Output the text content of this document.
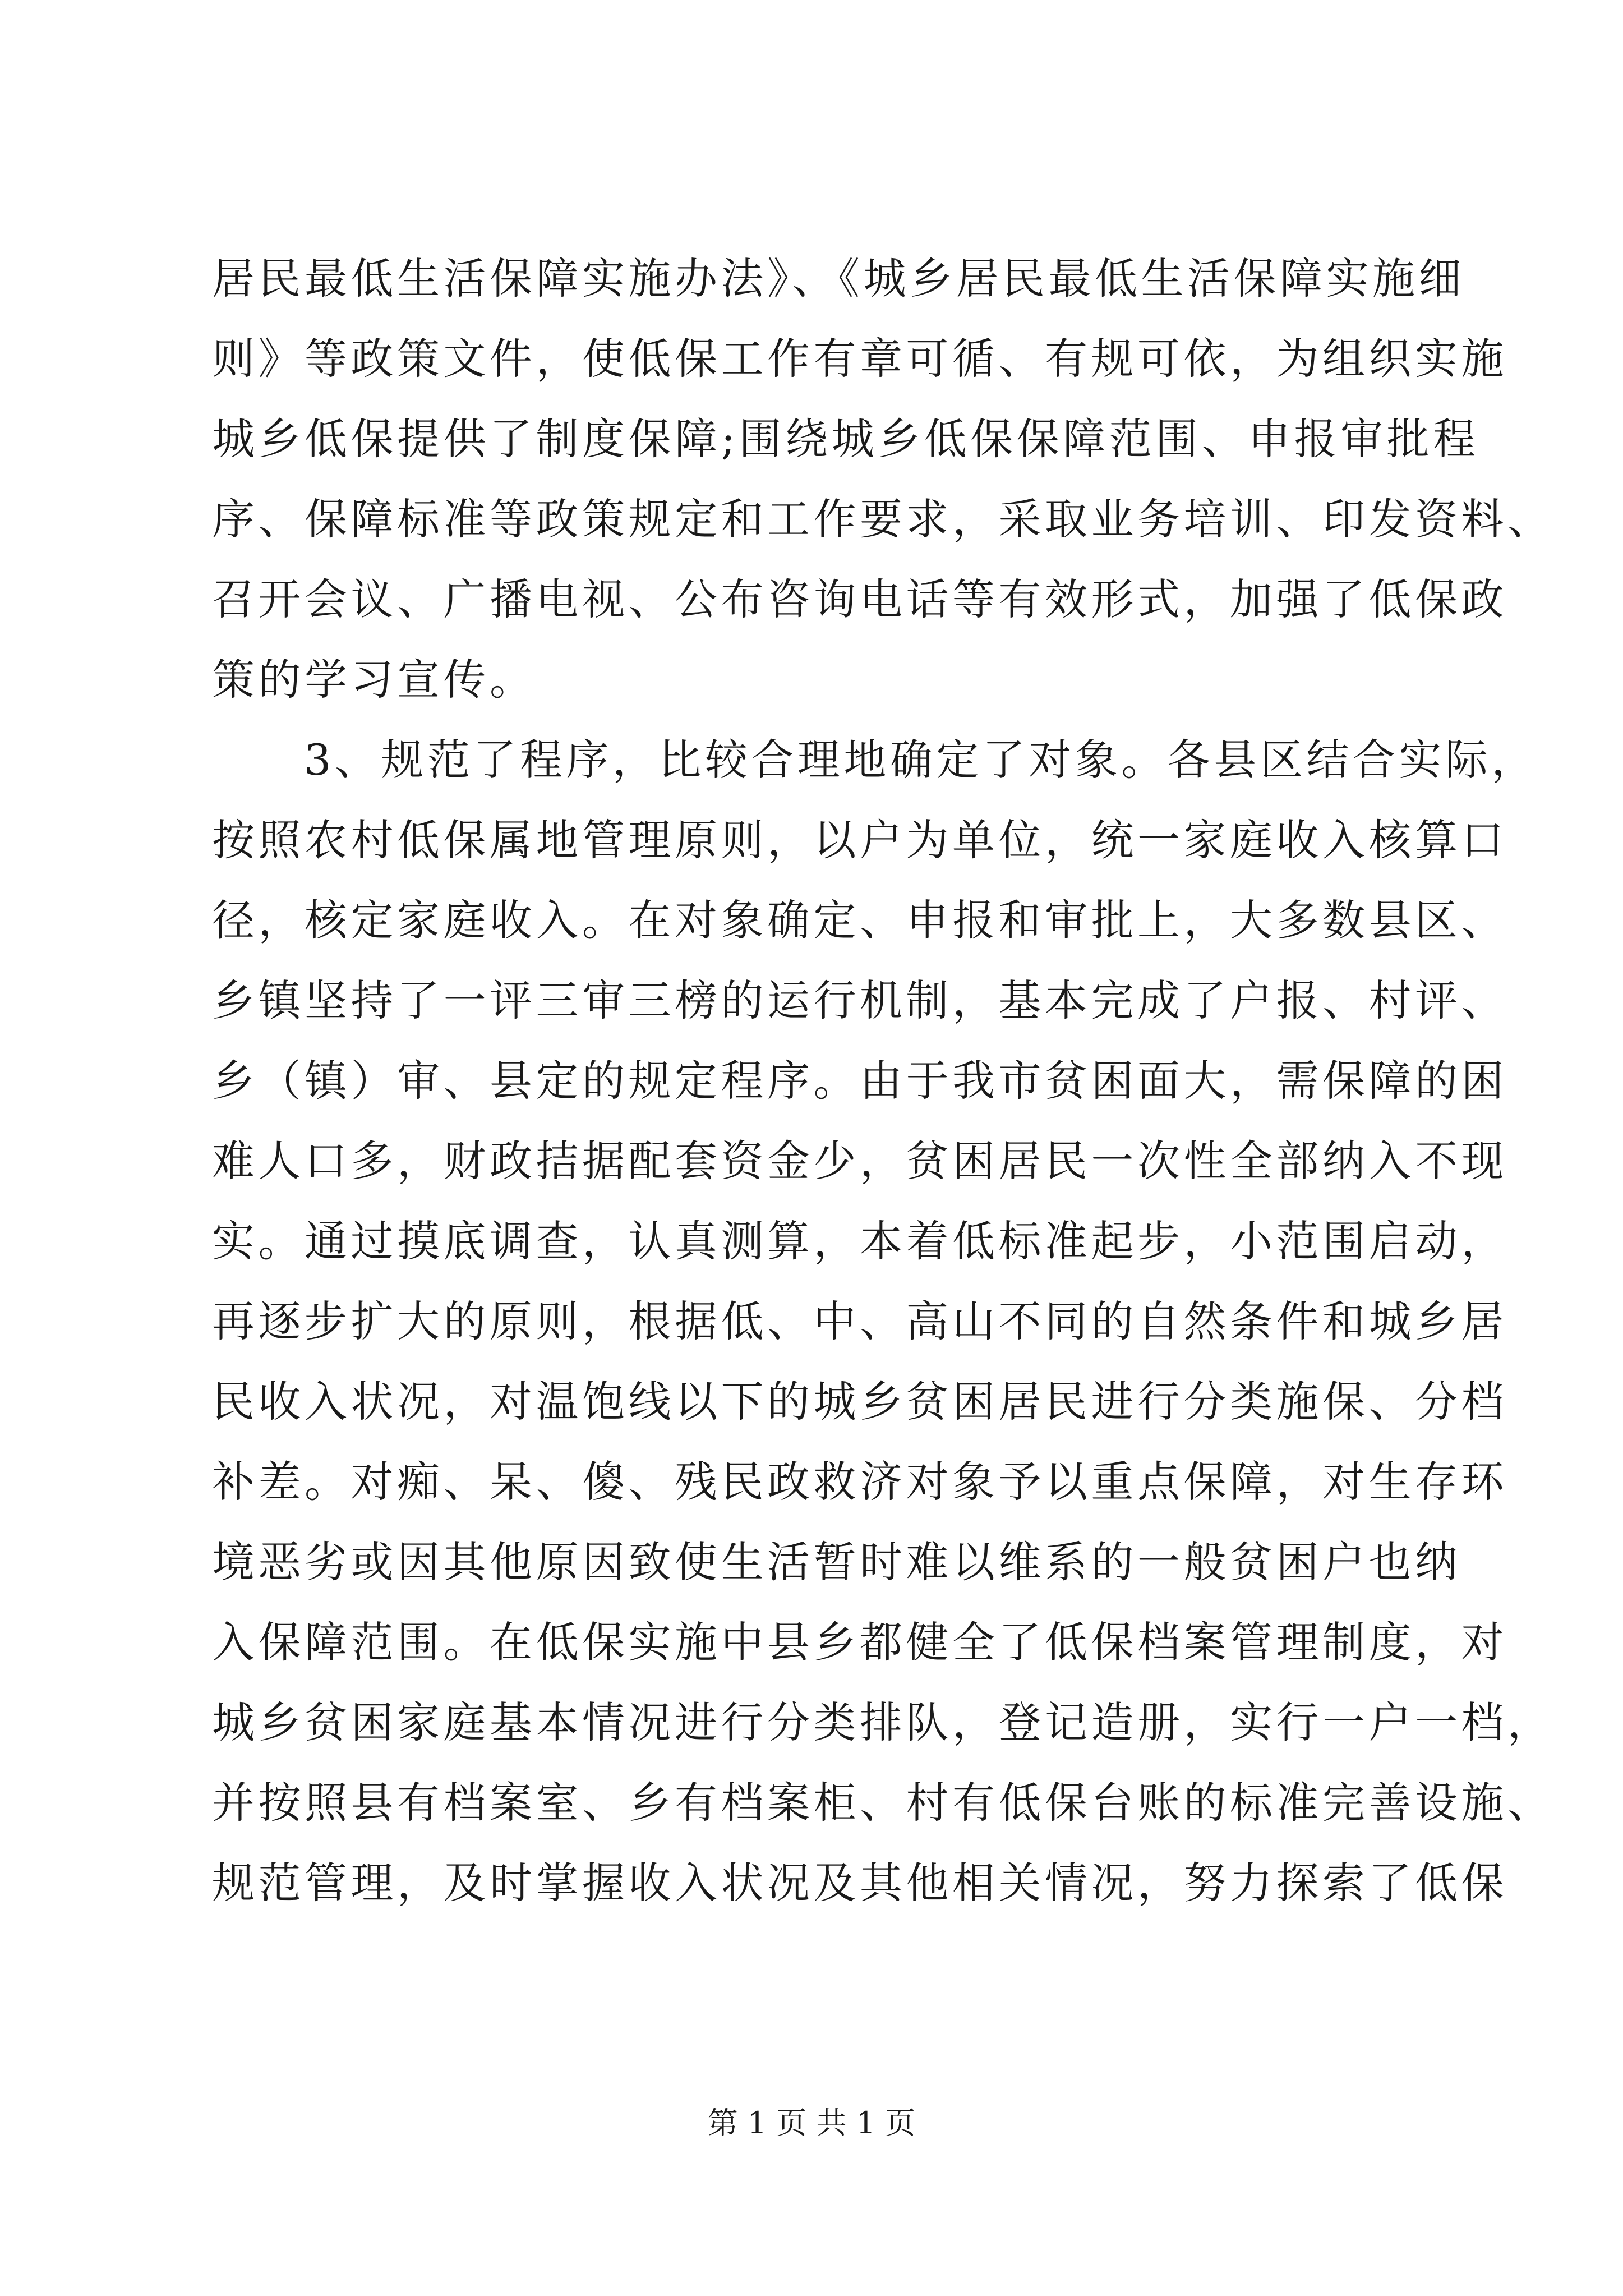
居民最低生活保障实施办法》、《城乡居民最低生活保障实施细
则》等政策文件，使低保工作有章可循、有规可依，为组织实施
城乡低保提供了制度保障;围绕城乡低保保障范围、申报审批程
序、保障标准等政策规定和工作要求，采取业务培训、印发资料、
召开会议、广播电视、公布咨询电话等有效形式，加强了低保政
策的学习宣传。
3、规范了程序，比较合理地确定了对象。各县区结合实际，
按照农村低保属地管理原则，以户为单位，统一家庭收入核算口
径，核定家庭收入。在对象确定、申报和审批上，大多数县区、
乡镇坚持了一评三审三榜的运行机制，基本完成了户报、村评、
乡（镇）审、县定的规定程序。由于我市贫困面大，需保障的困
难人口多，财政拮据配套资金少，贫困居民一次性全部纳入不现
实。通过摸底调查，认真测算，本着低标准起步，小范围启动，
再逐步扩大的原则，根据低、中、高山不同的自然条件和城乡居
民收入状况，对温饱线以下的城乡贫困居民进行分类施保、分档
补差。对痴、呆、傻、残民政救济对象予以重点保障，对生存环
境恶劣或因其他原因致使生活暂时难以维系的一般贫困户也纳
入保障范围。在低保实施中县乡都健全了低保档案管理制度，对
城乡贫困家庭基本情况进行分类排队，登记造册，实行一户一档，
并按照县有档案室、乡有档案柜、村有低保台账的标准完善设施、
规范管理，及时掌握收入状况及其他相关情况，努力探索了低保
第 1 页 共 1 页
